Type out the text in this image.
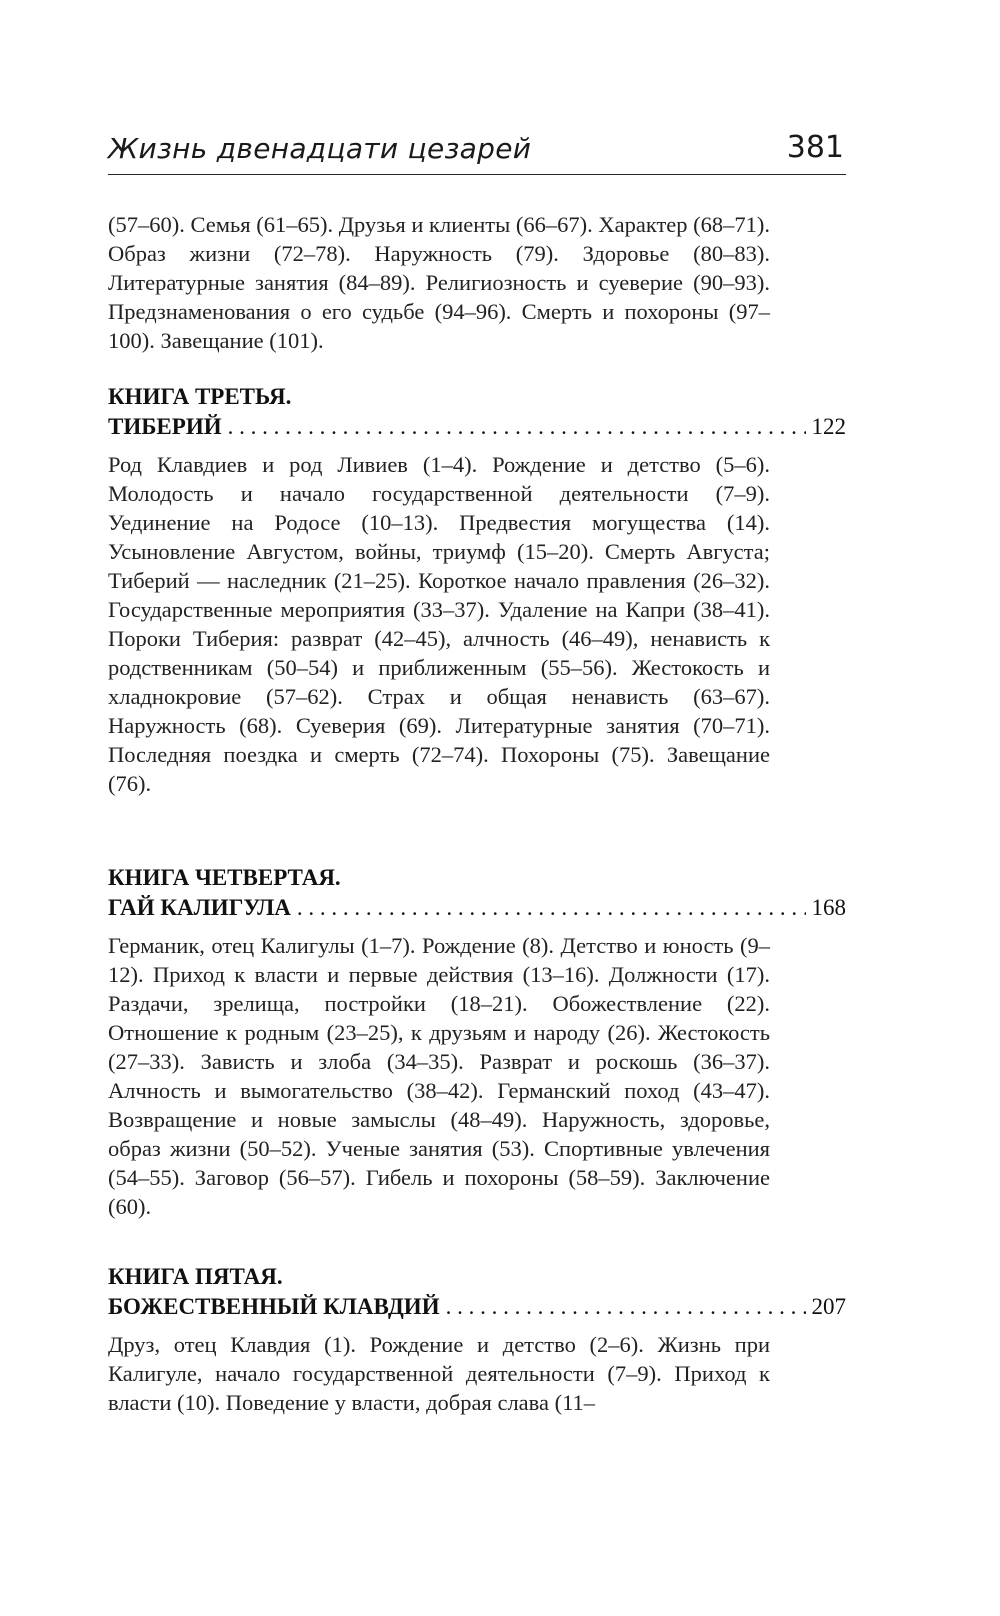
Жизнь двенадцати цезарей	381
(57–60). Семья (61–65). Друзья и клиенты (66–67). Характер (68–71). Образ жизни (72–78). Наружность (79). Здоровье (80–83). Литературные занятия (84–89). Религиозность и суеверие (90–93). Предзнаменования о его судьбе (94–96). Смерть и похороны (97–100). Завещание (101).
КНИГА ТРЕТЬЯ.
ТИБЕРИЙ . . .	122
Род Клавдиев и род Ливиев (1–4). Рождение и детство (5–6). Молодость и начало государственной деятельности (7–9). Уединение на Родосе (10–13). Предвестия могущества (14). Усыновление Августом, войны, триумф (15–20). Смерть Августа; Тиберий — наследник (21–25). Короткое начало правления (26–32). Государственные мероприятия (33–37). Удаление на Капри (38–41). Пороки Тиберия: разврат (42–45), алчность (46–49), ненависть к родственникам (50–54) и приближенным (55–56). Жестокость и хладнокровие (57–62). Страх и общая ненависть (63–67). Наружность (68). Суеверия (69). Литературные занятия (70–71). Последняя поездка и смерть (72–74). Похороны (75). Завещание (76).
КНИГА ЧЕТВЕРТАЯ.
ГАЙ КАЛИГУЛА . . .	168
Германик, отец Калигулы (1–7). Рождение (8). Детство и юность (9–12). Приход к власти и первые действия (13–16). Должности (17). Раздачи, зрелища, постройки (18–21). Обожествление (22). Отношение к родным (23–25), к друзьям и народу (26). Жестокость (27–33). Зависть и злоба (34–35). Разврат и роскошь (36–37). Алчность и вымогательство (38–42). Германский поход (43–47). Возвращение и новые замыслы (48–49). Наружность, здоровье, образ жизни (50–52). Ученые занятия (53). Спортивные увлечения (54–55). Заговор (56–57). Гибель и похороны (58–59). Заключение (60).
КНИГА ПЯТАЯ.
БОЖЕСТВЕННЫЙ КЛАВДИЙ . . .	207
Друз, отец Клавдия (1). Рождение и детство (2–6). Жизнь при Калигуле, начало государственной деятельности (7–9). Приход к власти (10). Поведение у власти, добрая слава (11–
